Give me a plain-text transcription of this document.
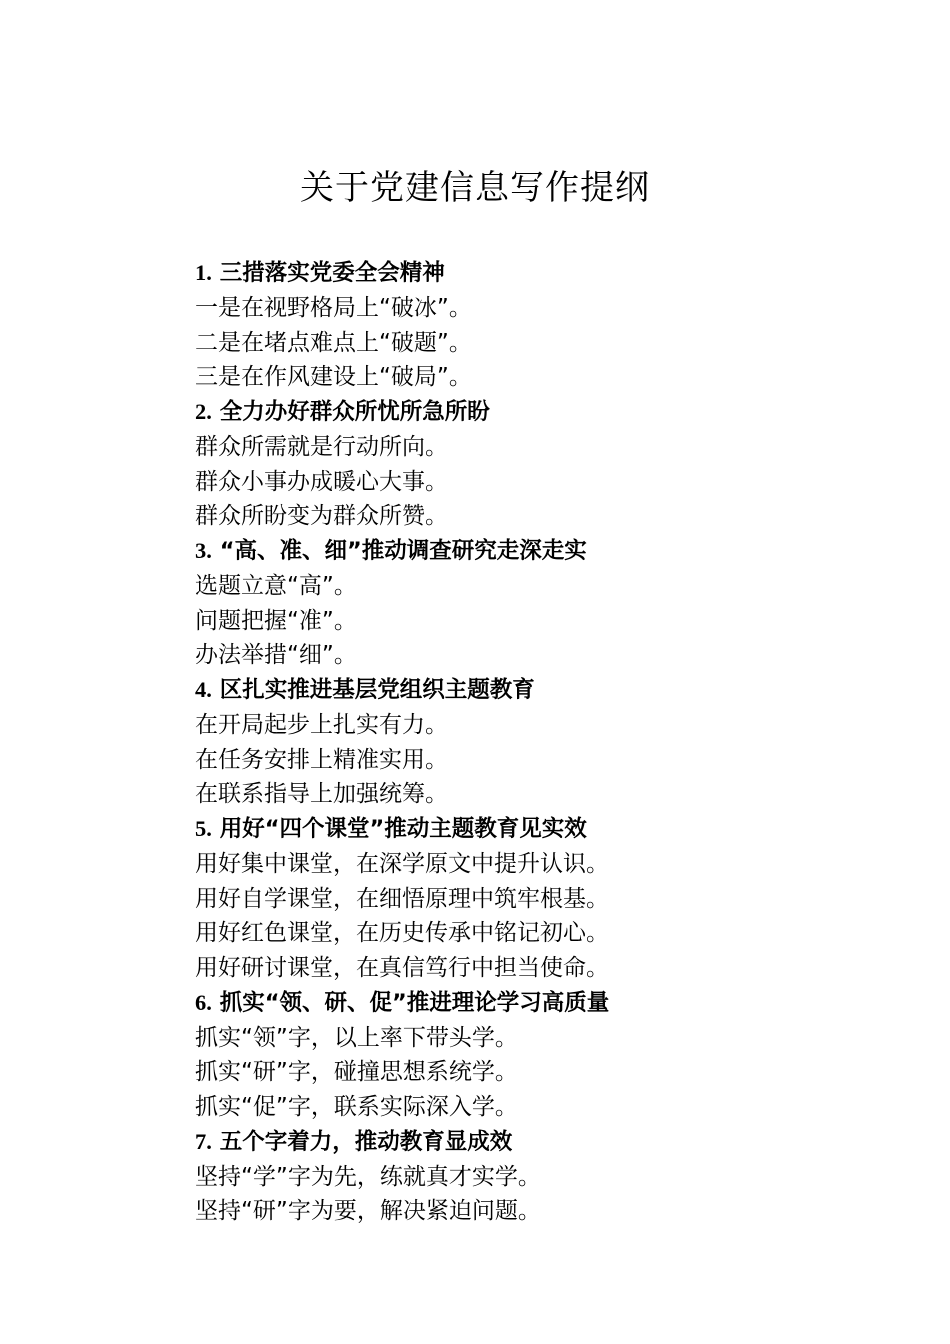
关于党建信息写作提纲
1. 三措落实党委全会精神
一是在视野格局上“破冰”。
二是在堵点难点上“破题”。
三是在作风建设上“破局”。
2. 全力办好群众所忧所急所盼
群众所需就是行动所向。
群众小事办成暖心大事。
群众所盼变为群众所赞。
3. “高、准、细”推动调查研究走深走实
选题立意“高”。
问题把握“准”。
办法举措“细”。
4. 区扎实推进基层党组织主题教育
在开局起步上扎实有力。
在任务安排上精准实用。
在联系指导上加强统筹。
5. 用好“四个课堂”推动主题教育见实效
用好集中课堂，在深学原文中提升认识。
用好自学课堂，在细悟原理中筑牢根基。
用好红色课堂，在历史传承中铭记初心。
用好研讨课堂，在真信笃行中担当使命。
6. 抓实“领、研、促”推进理论学习高质量
抓实“领”字，以上率下带头学。
抓实“研”字，碰撞思想系统学。
抓实“促”字，联系实际深入学。
7. 五个字着力，推动教育显成效
坚持“学”字为先，练就真才实学。
坚持“研”字为要，解决紧迫问题。
